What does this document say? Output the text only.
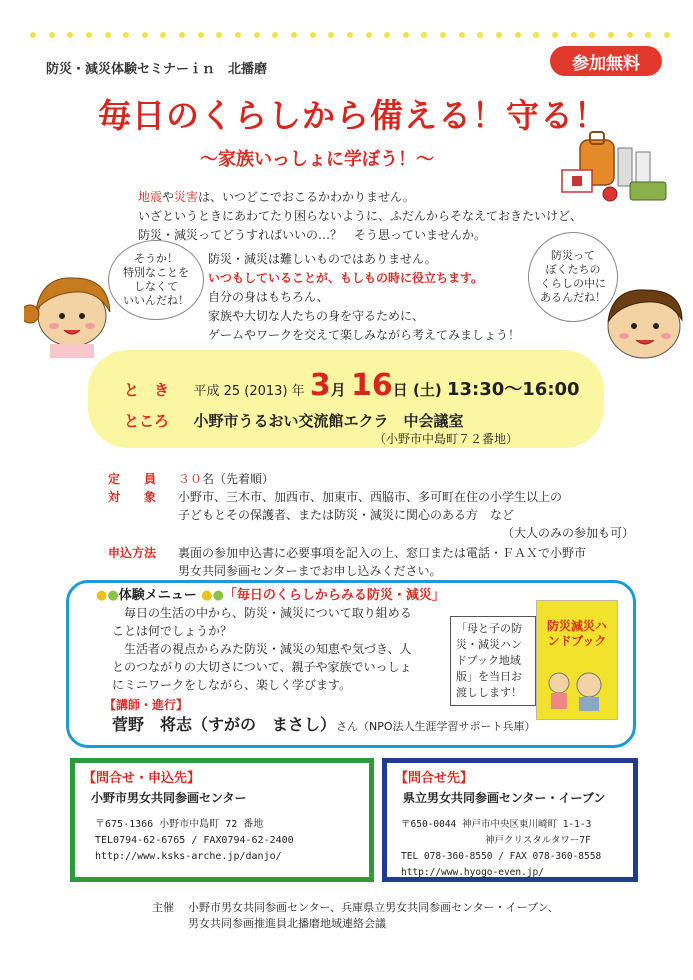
防災・減災体験セミナーｉｎ　北播磨	参加無料
毎日のくらしから備える！守る！
〜家族いっしょに学ぼう！〜
地震や災害は、いつどこでおこるかわかりません。
いざというときにあわてたり困らないように、ふだんからそなえておきたいけど、
防災・減災ってどうすればいいの…？　そう思っていませんか。
そうか！
特別なことを
しなくて
いいんだね！
防災・減災は難しいものではありません。
いつもしていることが、もしもの時に役立ちます。
自分の身はもちろん、
家族や大切な人たちの身を守るために、
ゲームやワークを交えて楽しみながら考えてみましょう！
防災って
ぼくたちの
くらしの中に
あるんだね！
と　き 平成 25 (2013) 年 3月 16日 (土) 13:30〜16:00
ところ 小野市うるおい交流館エクラ　中会議室
（小野市中島町７２番地）
定　　員 ３０名（先着順）
対　　象 小野市、三木市、加西市、加東市、西脇市、多可町在住の小学生以上の
子どもとその保護者、または防災・減災に関心のある方　など
（大人のみの参加も可）
申込方法 裏面の参加申込書に必要事項を記入の上、窓口または電話・ＦＡＸで小野市
男女共同参画センターまでお申し込みください。
●●体験メニュー ●●「毎日のくらしからみる防災・減災」
毎日の生活の中から、防災・減災について取り組める
ことは何でしょうか？
生活者の視点からみた防災・減災の知恵や気づき、人
とのつながりの大切さについて、親子や家族でいっしょ
にミニワークをしながら、楽しく学びます。
【講師・進行】
菅野　将志（すがの　まさし）さん（NPO法人生涯学習サポート兵庫）
「母と子の防災・減災ハンドブック地域版」を当日お渡しします！
防災減災ハンドブック
【問合せ・申込先】
小野市男女共同参画センター
〒675-1366 小野市中島町 72 番地
TEL0794-62-6765 / FAX0794-62-2400
http://www.ksks-arche.jp/danjo/
【問合せ先】
県立男女共同参画センター・イーブン
〒650-0044 神戸市中央区東川崎町 1-1-3
神戸クリスタルタワー7F
TEL 078-360-8550 / FAX 078-360-8558
http://www.hyogo-even.jp/
主催 小野市男女共同参画センター、兵庫県立男女共同参画センター・イーブン、
男女共同参画推進員北播磨地域連絡会議
